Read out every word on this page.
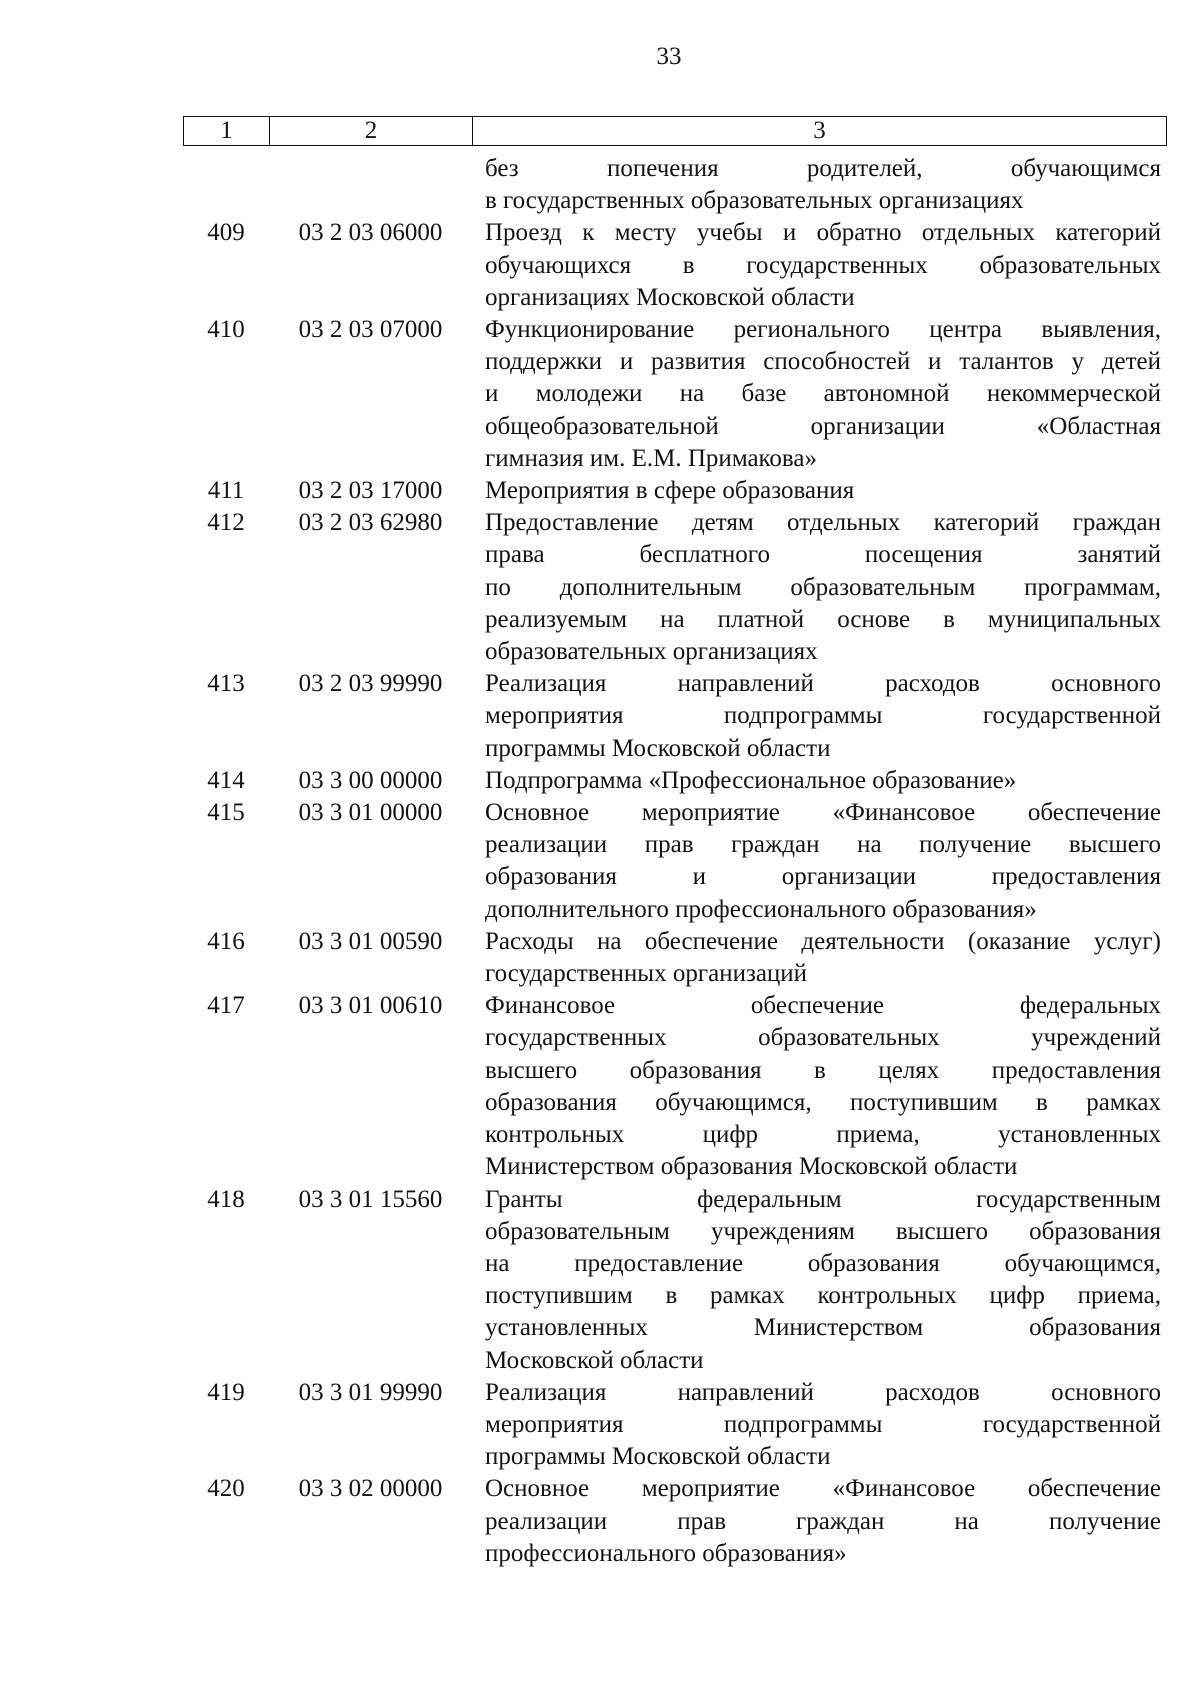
33
1	2	3
без попечения родителей, обучающимся
в государственных образовательных организациях
409	03 2 03 06000	Проезд к месту учебы и обратно отдельных категорий
обучающихся в государственных образовательных
организациях Московской области
410	03 2 03 07000	Функционирование регионального центра выявления,
поддержки и развития способностей и талантов у детей
и молодежи на базе автономной некоммерческой
общеобразовательной организации «Областная
гимназия им. Е.М. Примакова»
411	03 2 03 17000	Мероприятия в сфере образования
412	03 2 03 62980	Предоставление детям отдельных категорий граждан
права бесплатного посещения занятий
по дополнительным образовательным программам,
реализуемым на платной основе в муниципальных
образовательных организациях
413	03 2 03 99990	Реализация направлений расходов основного
мероприятия подпрограммы государственной
программы Московской области
414	03 3 00 00000	Подпрограмма «Профессиональное образование»
415	03 3 01 00000	Основное мероприятие «Финансовое обеспечение
реализации прав граждан на получение высшего
образования и организации предоставления
дополнительного профессионального образования»
416	03 3 01 00590	Расходы на обеспечение деятельности (оказание услуг)
государственных организаций
417	03 3 01 00610	Финансовое обеспечение федеральных
государственных образовательных учреждений
высшего образования в целях предоставления
образования обучающимся, поступившим в рамках
контрольных цифр приема, установленных
Министерством образования Московской области
418	03 3 01 15560	Гранты федеральным государственным
образовательным учреждениям высшего образования
на предоставление образования обучающимся,
поступившим в рамках контрольных цифр приема,
установленных Министерством образования
Московской области
419	03 3 01 99990	Реализация направлений расходов основного
мероприятия подпрограммы государственной
программы Московской области
420	03 3 02 00000	Основное мероприятие «Финансовое обеспечение
реализации прав граждан на получение
профессионального образования»
